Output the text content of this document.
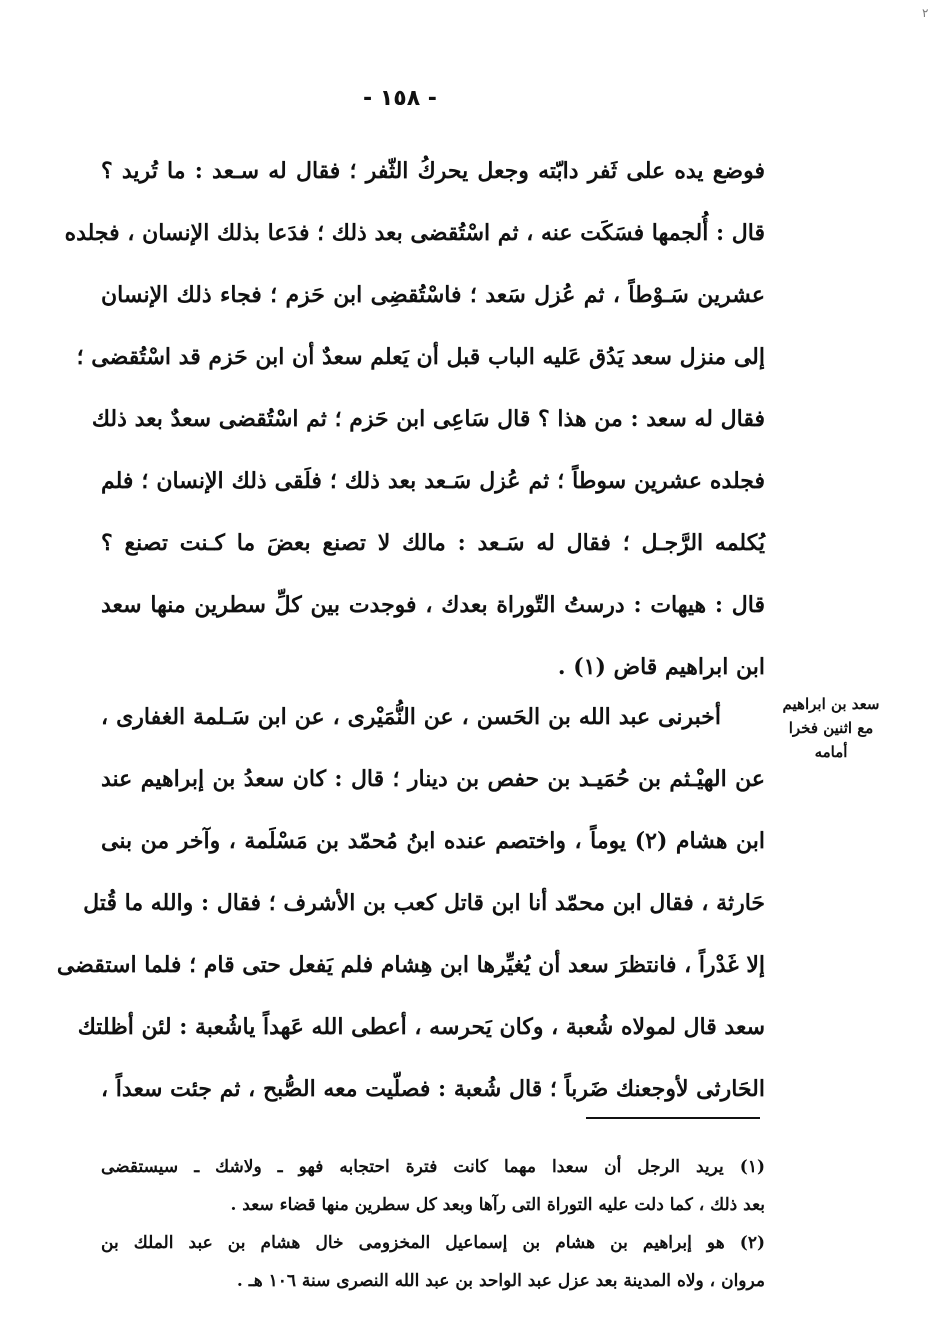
٢
- ١٥٨ -
فوضع يده على ثَفر دابّته وجعل يحركُ الثّفر ؛ فقال له سـعد : ما تُريد ؟
قال : أُلجمها فسَكَت عنه ، ثم اسْتُقضى بعد ذلك ؛ فدَعا بذلك الإنسان ، فجلده
عشرين سَـوْطاً ، ثم عُزل سَعد ؛ فاسْتُقضِى ابن حَزم ؛ فجاء ذلك الإنسان
إلى منزل سعد يَدُق عَليه الباب قبل أن يَعلم سعدٌ أن ابن حَزم قد اسْتُقضى ؛
فقال له سعد : من هذا ؟ قال سَاعِى ابن حَزم ؛ ثم اسْتُقضى سعدٌ بعد ذلك
فجلده عشرين سوطاً ؛ ثم عُزل سَـعد بعد ذلك ؛ فلَقى ذلك الإنسان ؛ فلم
يُكلمه الرَّجـل ؛ فقال له سَـعد : مالك لا تصنع بعضَ ما كـنت تصنع ؟
قال : هيهات : درستُ التّوراة بعدك ، فوجدت بين كلِّ سطرين منها سعد
ابن ابراهيم قاض (١) .
سعد بن ابراهيم
مع اثنين فخرا
أمامه
أخبرنى عبد الله بن الحَسن ، عن النُّمَيْرى ، عن ابن سَـلمة الغفارى ،
عن الهيْـثم بن حُمَيـد بن حفص بن دينار ؛ قال : كان سعدُ بن إبراهيم عند
ابن هشام (٢) يوماً ، واختصم عنده ابنُ مُحمّد بن مَسْلَمة ، وآخر من بنى
حَارثة ، فقال ابن محمّد أنا ابن قاتل كعب بن الأشرف ؛ فقال : والله ما قُتل
إلا غَدْراً ، فانتظرَ سعد أن يُغيِّرها ابن هِشام فلم يَفعل حتى قام ؛ فلما استقضى
سعد قال لمولاه شُعبة ، وكان يَحرسه ، أعطى الله عَهداً ياشُعبة : لئن أظلتك
الحَارثى لأوجعنك ضَرباً ؛ قال شُعبة : فصلّيت معه الصُّبح ، ثم جئت سعداً ،
(١) يريد الرجل أن سعدا مهما كانت فترة احتجابه فهو ـ ولاشك ـ سيستقضى
بعد ذلك ، كما دلت عليه التوراة التى رآها وبعد كل سطرين منها قضاء سعد .
(٢) هو إبراهيم بن هشام بن إسماعيل المخزومى خال هشام بن عبد الملك بن
مروان ، ولاه المدينة بعد عزل عبد الواحد بن عبد الله النصرى سنة ١٠٦ هـ .
